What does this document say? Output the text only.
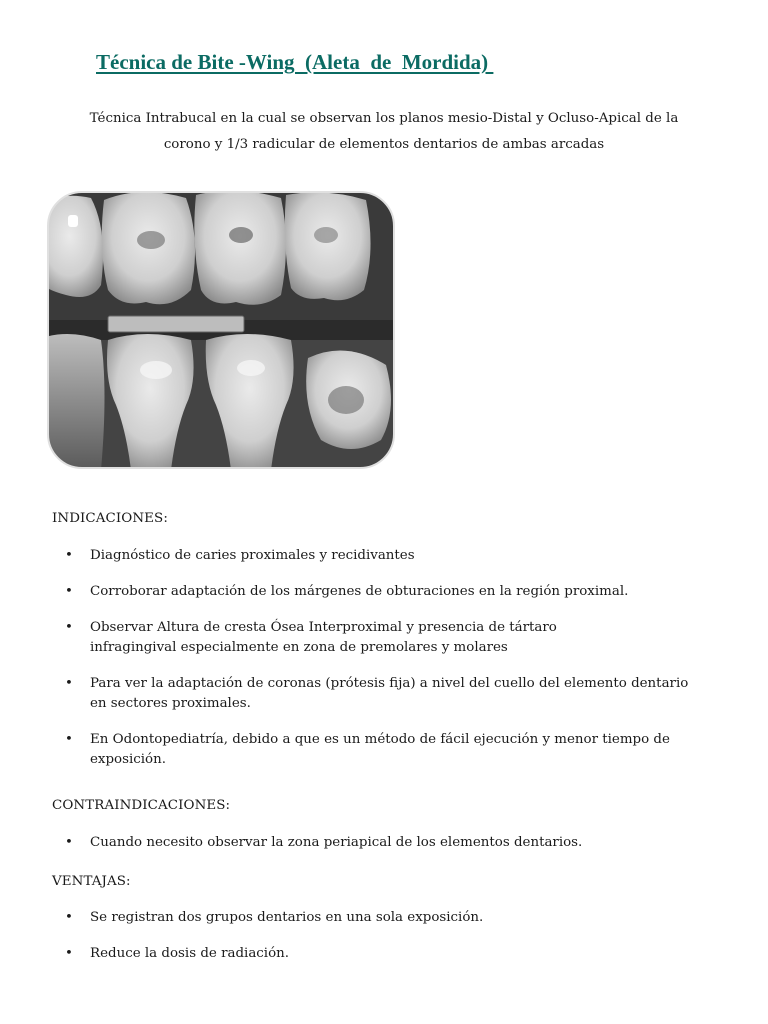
Técnica de Bite -Wing  (Aleta  de  Mordida)
Técnica Intrabucal en la cual se observan los planos mesio-Distal y Ocluso-Apical de la
corono y 1/3 radicular de elementos dentarios de ambas arcadas
INDICACIONES:
• Diagnóstico de caries proximales y recidivantes
• Corroborar adaptación de los márgenes de obturaciones en la región proximal.
• Observar Altura de cresta Ósea Interproximal y presencia de tártaro infragingival especialmente en zona de premolares y molares
• Para ver la adaptación de coronas (prótesis fija) a nivel del cuello del elemento dentario en sectores proximales.
• En Odontopediatría, debido a que es un método de fácil ejecución y menor tiempo de exposición.
CONTRAINDICACIONES:
• Cuando necesito observar la zona periapical de los elementos dentarios.
VENTAJAS:
• Se registran dos grupos dentarios en una sola exposición.
• Reduce la dosis de radiación.
